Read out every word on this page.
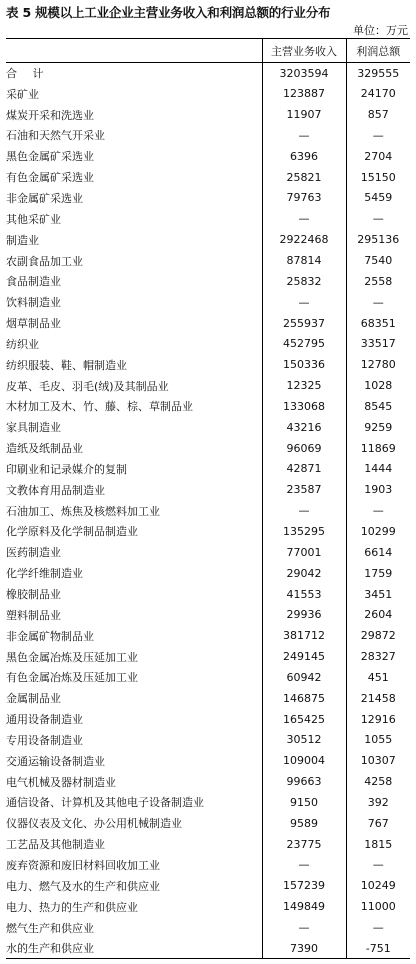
表 5 规模以上工业企业主营业务收入和利润总额的行业分布
单位：万元
	主营业务收入	利润总额
合 计	3203594	329555
采矿业	123887	24170
煤炭开采和洗选业	11907	857
石油和天然气开采业	—	—
黑色金属矿采选业	6396	2704
有色金属矿采选业	25821	15150
非金属矿采选业	79763	5459
其他采矿业	—	—
制造业	2922468	295136
农副食品加工业	87814	7540
食品制造业	25832	2558
饮料制造业	—	—
烟草制品业	255937	68351
纺织业	452795	33517
纺织服装、鞋、帽制造业	150336	12780
皮革、毛皮、羽毛(绒)及其制品业	12325	1028
木材加工及木、竹、藤、棕、草制品业	133068	8545
家具制造业	43216	9259
造纸及纸制品业	96069	11869
印刷业和记录媒介的复制	42871	1444
文教体育用品制造业	23587	1903
石油加工、炼焦及核燃料加工业	—	—
化学原料及化学制品制造业	135295	10299
医药制造业	77001	6614
化学纤维制造业	29042	1759
橡胶制品业	41553	3451
塑料制品业	29936	2604
非金属矿物制品业	381712	29872
黑色金属冶炼及压延加工业	249145	28327
有色金属冶炼及压延加工业	60942	451
金属制品业	146875	21458
通用设备制造业	165425	12916
专用设备制造业	30512	1055
交通运输设备制造业	109004	10307
电气机械及器材制造业	99663	4258
通信设备、计算机及其他电子设备制造业	9150	392
仪器仪表及文化、办公用机械制造业	9589	767
工艺品及其他制造业	23775	1815
废弃资源和废旧材料回收加工业	—	—
电力、燃气及水的生产和供应业	157239	10249
电力、热力的生产和供应业	149849	11000
燃气生产和供应业	—	—
水的生产和供应业	7390	-751
